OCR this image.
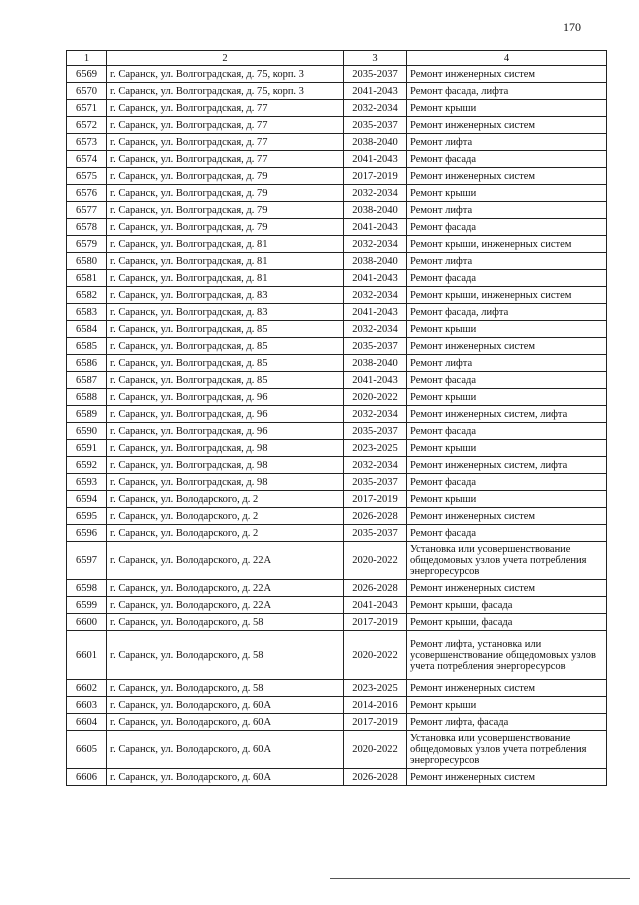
170
1	2	3	4
6569	г. Саранск, ул. Волгоградская, д. 75, корп. 3	2035-2037	Ремонт инженерных систем
6570	г. Саранск, ул. Волгоградская, д. 75, корп. 3	2041-2043	Ремонт фасада, лифта
6571	г. Саранск, ул. Волгоградская, д. 77	2032-2034	Ремонт крыши
6572	г. Саранск, ул. Волгоградская, д. 77	2035-2037	Ремонт инженерных систем
6573	г. Саранск, ул. Волгоградская, д. 77	2038-2040	Ремонт лифта
6574	г. Саранск, ул. Волгоградская, д. 77	2041-2043	Ремонт фасада
6575	г. Саранск, ул. Волгоградская, д. 79	2017-2019	Ремонт инженерных систем
6576	г. Саранск, ул. Волгоградская, д. 79	2032-2034	Ремонт крыши
6577	г. Саранск, ул. Волгоградская, д. 79	2038-2040	Ремонт лифта
6578	г. Саранск, ул. Волгоградская, д. 79	2041-2043	Ремонт фасада
6579	г. Саранск, ул. Волгоградская, д. 81	2032-2034	Ремонт крыши, инженерных систем
6580	г. Саранск, ул. Волгоградская, д. 81	2038-2040	Ремонт лифта
6581	г. Саранск, ул. Волгоградская, д. 81	2041-2043	Ремонт фасада
6582	г. Саранск, ул. Волгоградская, д. 83	2032-2034	Ремонт крыши, инженерных систем
6583	г. Саранск, ул. Волгоградская, д. 83	2041-2043	Ремонт фасада, лифта
6584	г. Саранск, ул. Волгоградская, д. 85	2032-2034	Ремонт крыши
6585	г. Саранск, ул. Волгоградская, д. 85	2035-2037	Ремонт инженерных систем
6586	г. Саранск, ул. Волгоградская, д. 85	2038-2040	Ремонт лифта
6587	г. Саранск, ул. Волгоградская, д. 85	2041-2043	Ремонт фасада
6588	г. Саранск, ул. Волгоградская, д. 96	2020-2022	Ремонт крыши
6589	г. Саранск, ул. Волгоградская, д. 96	2032-2034	Ремонт инженерных систем, лифта
6590	г. Саранск, ул. Волгоградская, д. 96	2035-2037	Ремонт фасада
6591	г. Саранск, ул. Волгоградская, д. 98	2023-2025	Ремонт крыши
6592	г. Саранск, ул. Волгоградская, д. 98	2032-2034	Ремонт инженерных систем, лифта
6593	г. Саранск, ул. Волгоградская, д. 98	2035-2037	Ремонт фасада
6594	г. Саранск, ул. Володарского, д. 2	2017-2019	Ремонт крыши
6595	г. Саранск, ул. Володарского, д. 2	2026-2028	Ремонт инженерных систем
6596	г. Саранск, ул. Володарского, д. 2	2035-2037	Ремонт фасада
6597	г. Саранск, ул. Володарского, д. 22А	2020-2022	Установка или усовершенствование общедомовых узлов учета потребления энергоресурсов
6598	г. Саранск, ул. Володарского, д. 22А	2026-2028	Ремонт инженерных систем
6599	г. Саранск, ул. Володарского, д. 22А	2041-2043	Ремонт крыши, фасада
6600	г. Саранск, ул. Володарского, д. 58	2017-2019	Ремонт крыши, фасада
6601	г. Саранск, ул. Володарского, д. 58	2020-2022	Ремонт лифта, установка или усовершенствование общедомовых узлов учета потребления энергоресурсов
6602	г. Саранск, ул. Володарского, д. 58	2023-2025	Ремонт инженерных систем
6603	г. Саранск, ул. Володарского, д. 60А	2014-2016	Ремонт крыши
6604	г. Саранск, ул. Володарского, д. 60А	2017-2019	Ремонт лифта, фасада
6605	г. Саранск, ул. Володарского, д. 60А	2020-2022	Установка или усовершенствование общедомовых узлов учета потребления энергоресурсов
6606	г. Саранск, ул. Володарского, д. 60А	2026-2028	Ремонт инженерных систем
